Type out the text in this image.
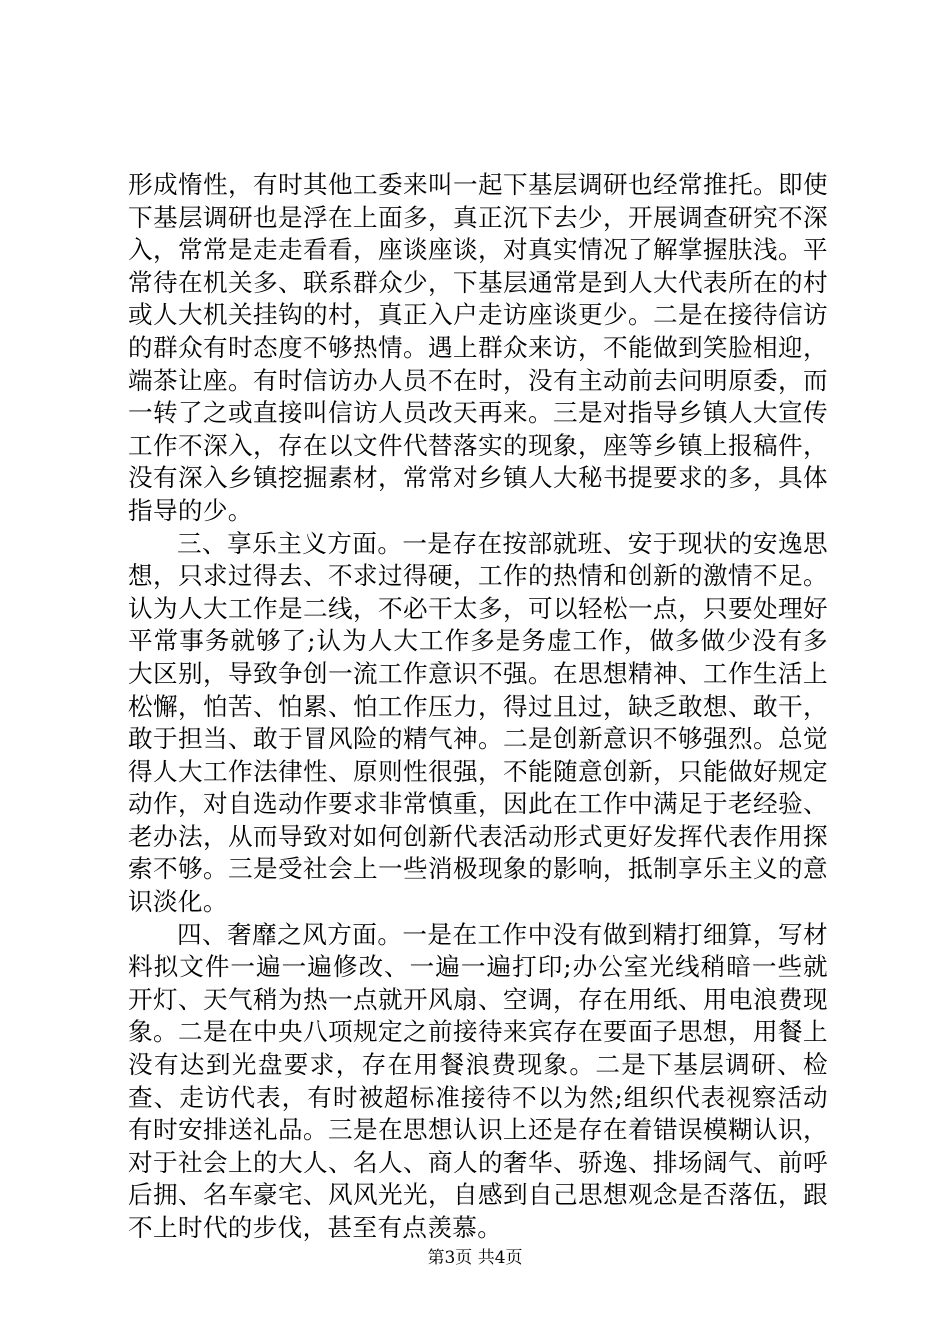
形成惰性，有时其他工委来叫一起下基层调研也经常推托。即使下基层调研也是浮在上面多，真正沉下去少，开展调查研究不深入，常常是走走看看，座谈座谈，对真实情况了解掌握肤浅。平常待在机关多、联系群众少，下基层通常是到人大代表所在的村或人大机关挂钩的村，真正入户走访座谈更少。二是在接待信访的群众有时态度不够热情。遇上群众来访，不能做到笑脸相迎，端茶让座。有时信访办人员不在时，没有主动前去问明原委，而一转了之或直接叫信访人员改天再来。三是对指导乡镇人大宣传工作不深入，存在以文件代替落实的现象，座等乡镇上报稿件，没有深入乡镇挖掘素材，常常对乡镇人大秘书提要求的多，具体指导的少。

三、享乐主义方面。一是存在按部就班、安于现状的安逸思想，只求过得去、不求过得硬，工作的热情和创新的激情不足。认为人大工作是二线，不必干太多，可以轻松一点，只要处理好平常事务就够了;认为人大工作多是务虚工作，做多做少没有多大区别，导致争创一流工作意识不强。在思想精神、工作生活上松懈，怕苦、怕累、怕工作压力，得过且过，缺乏敢想、敢干，敢于担当、敢于冒风险的精气神。二是创新意识不够强烈。总觉得人大工作法律性、原则性很强，不能随意创新，只能做好规定动作，对自选动作要求非常慎重，因此在工作中满足于老经验、老办法，从而导致对如何创新代表活动形式更好发挥代表作用探索不够。三是受社会上一些消极现象的影响，抵制享乐主义的意识淡化。

四、奢靡之风方面。一是在工作中没有做到精打细算，写材料拟文件一遍一遍修改、一遍一遍打印;办公室光线稍暗一些就开灯、天气稍为热一点就开风扇、空调，存在用纸、用电浪费现象。二是在中央八项规定之前接待来宾存在要面子思想，用餐上没有达到光盘要求，存在用餐浪费现象。二是下基层调研、检查、走访代表，有时被超标准接待不以为然;组织代表视察活动有时安排送礼品。三是在思想认识上还是存在着错误模糊认识，对于社会上的大人、名人、商人的奢华、骄逸、排场阔气、前呼后拥、名车豪宅、风风光光，自感到自己思想观念是否落伍，跟不上时代的步伐，甚至有点羡慕。

第3页 共4页
